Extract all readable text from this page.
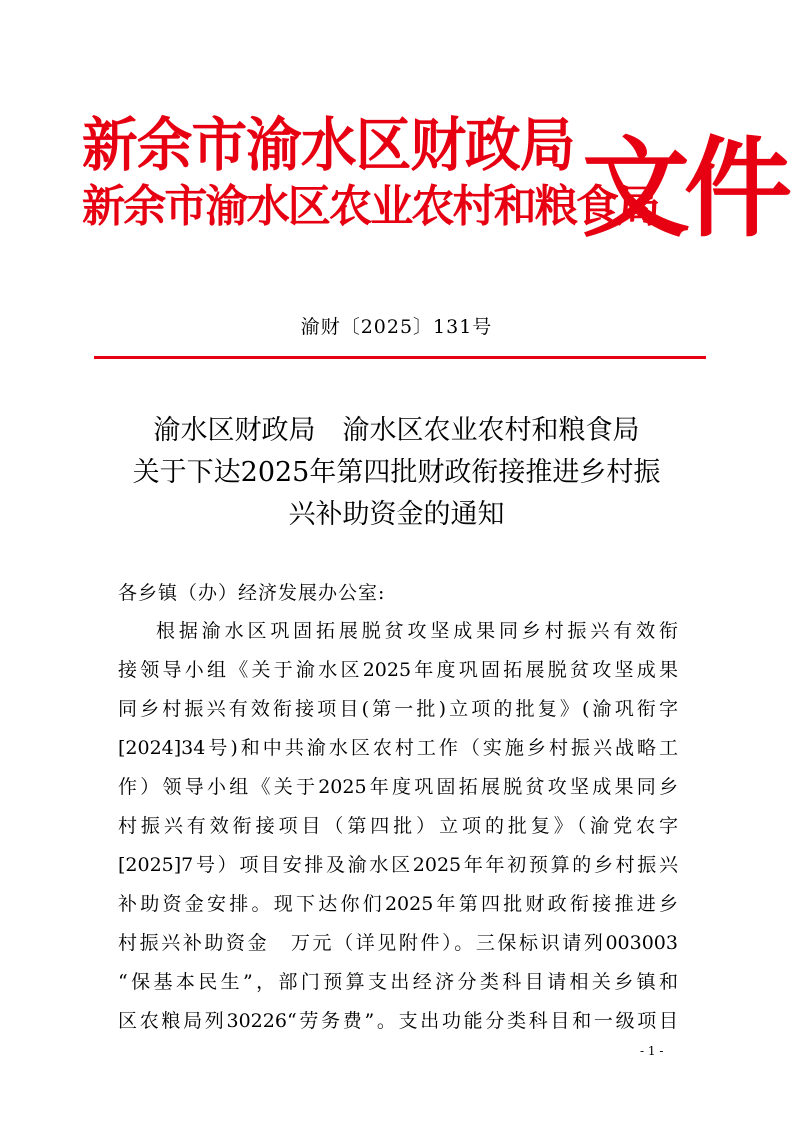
新余市渝水区财政局
新余市渝水区农业农村和粮食局
文件
渝财〔2025〕131号
渝水区财政局　渝水区农业农村和粮食局
关于下达2025年第四批财政衔接推进乡村振
兴补助资金的通知
各乡镇（办）经济发展办公室:
根据渝水区巩固拓展脱贫攻坚成果同乡村振兴有效衔
接领导小组《关于渝水区2025年度巩固拓展脱贫攻坚成果
同乡村振兴有效衔接项目(第一批)立项的批复》(渝巩衔字
[2024]34号)和中共渝水区农村工作（实施乡村振兴战略工
作）领导小组《关于2025年度巩固拓展脱贫攻坚成果同乡
村振兴有效衔接项目（第四批）立项的批复》（渝党农字
[2025]7号）项目安排及渝水区2025年年初预算的乡村振兴
补助资金安排。现下达你们2025年第四批财政衔接推进乡
村振兴补助资金　万元（详见附件）。三保标识请列003003
“保基本民生”，部门预算支出经济分类科目请相关乡镇和
区农粮局列30226“劳务费”。支出功能分类科目和一级项目
- 1 -
